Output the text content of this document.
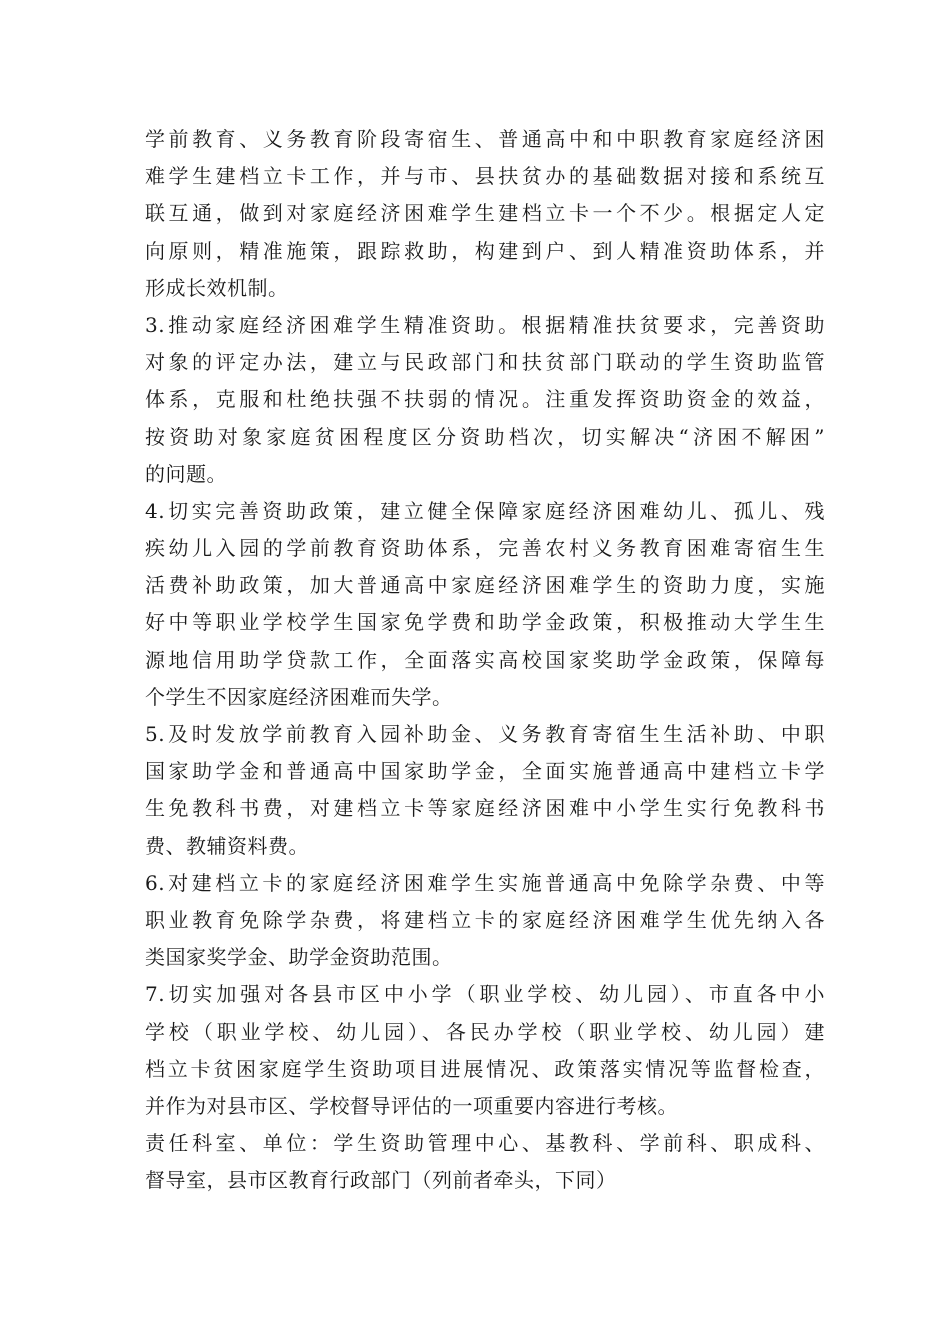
学前教育、义务教育阶段寄宿生、普通高中和中职教育家庭经济困
难学生建档立卡工作，并与市、县扶贫办的基础数据对接和系统互
联互通，做到对家庭经济困难学生建档立卡一个不少。根据定人定
向原则，精准施策，跟踪救助，构建到户、到人精准资助体系，并
形成长效机制。
3.推动家庭经济困难学生精准资助。根据精准扶贫要求，完善资助
对象的评定办法，建立与民政部门和扶贫部门联动的学生资助监管
体系，克服和杜绝扶强不扶弱的情况。注重发挥资助资金的效益，
按资助对象家庭贫困程度区分资助档次，切实解决“济困不解困”
的问题。
4.切实完善资助政策，建立健全保障家庭经济困难幼儿、孤儿、残
疾幼儿入园的学前教育资助体系，完善农村义务教育困难寄宿生生
活费补助政策，加大普通高中家庭经济困难学生的资助力度，实施
好中等职业学校学生国家免学费和助学金政策，积极推动大学生生
源地信用助学贷款工作，全面落实高校国家奖助学金政策，保障每
个学生不因家庭经济困难而失学。
5.及时发放学前教育入园补助金、义务教育寄宿生生活补助、中职
国家助学金和普通高中国家助学金，全面实施普通高中建档立卡学
生免教科书费，对建档立卡等家庭经济困难中小学生实行免教科书
费、教辅资料费。
6.对建档立卡的家庭经济困难学生实施普通高中免除学杂费、中等
职业教育免除学杂费，将建档立卡的家庭经济困难学生优先纳入各
类国家奖学金、助学金资助范围。
7.切实加强对各县市区中小学（职业学校、幼儿园）、市直各中小
学校（职业学校、幼儿园）、各民办学校（职业学校、幼儿园）建
档立卡贫困家庭学生资助项目进展情况、政策落实情况等监督检查，
并作为对县市区、学校督导评估的一项重要内容进行考核。
责任科室、单位：学生资助管理中心、基教科、学前科、职成科、
督导室，县市区教育行政部门（列前者牵头，下同）
